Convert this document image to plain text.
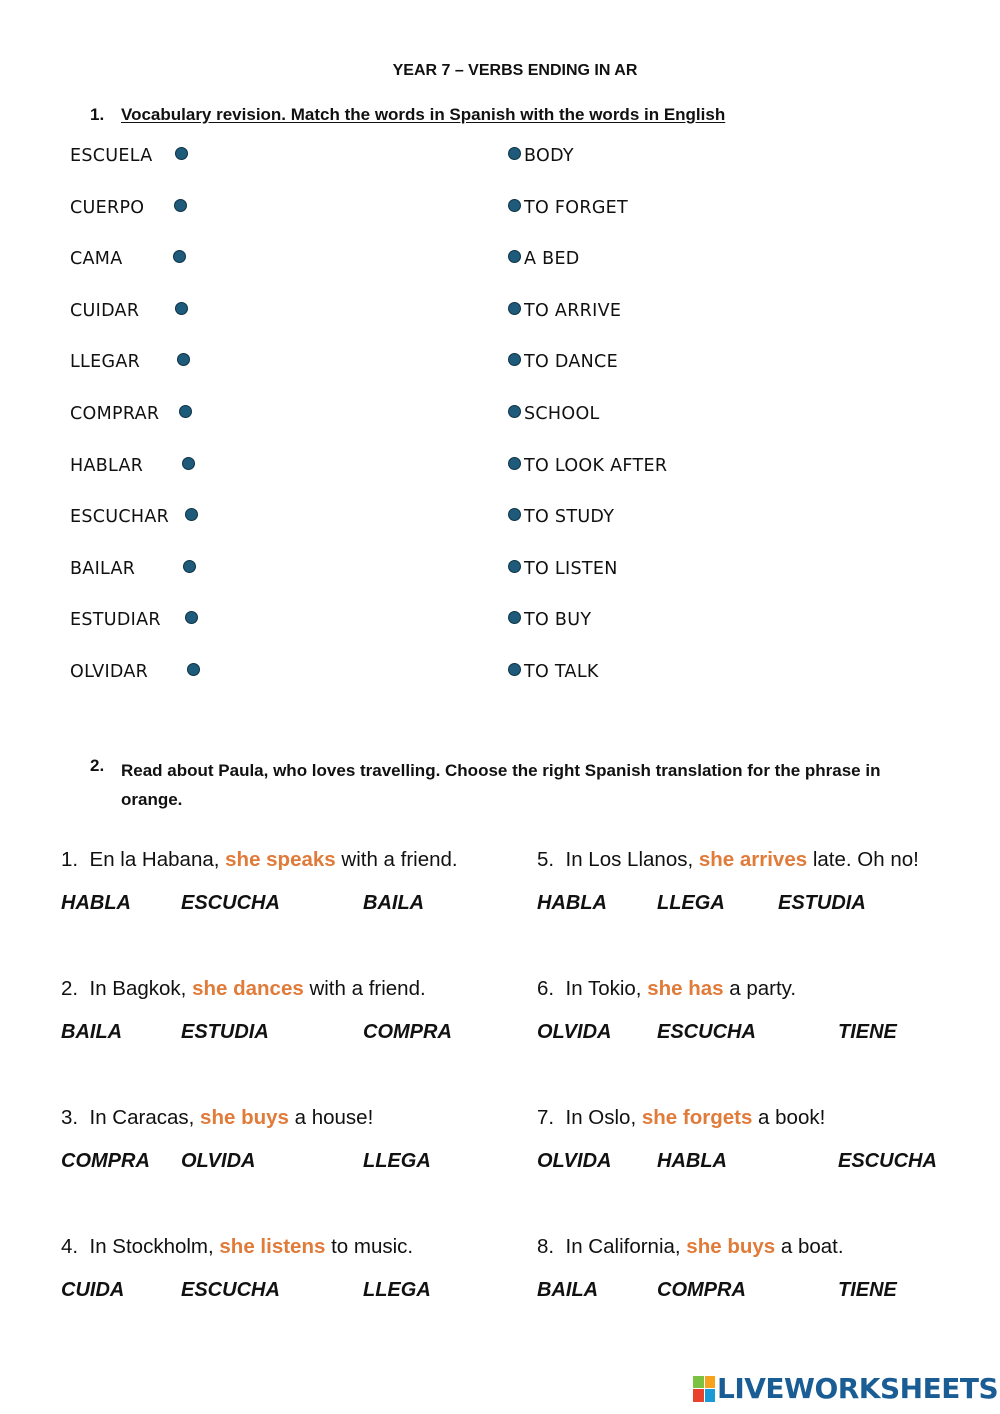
YEAR 7 – VERBS ENDING IN AR
1. Vocabulary revision. Match the words in Spanish with the words in English
ESCUELA	BODY
CUERPO	TO FORGET
CAMA	A BED
CUIDAR	TO ARRIVE
LLEGAR	TO DANCE
COMPRAR	SCHOOL
HABLAR	TO LOOK AFTER
ESCUCHAR	TO STUDY
BAILAR	TO LISTEN
ESTUDIAR	TO BUY
OLVIDAR	TO TALK
2. Read about Paula, who loves travelling. Choose the right Spanish translation for the phrase in orange.
1. En la Habana, she speaks with a friend.
HABLA	ESCUCHA	BAILA
2. In Bagkok, she dances with a friend.
BAILA	ESTUDIA	COMPRA
3. In Caracas, she buys a house!
COMPRA OLVIDA	LLEGA
4. In Stockholm, she listens to music.
CUIDA	ESCUCHA	LLEGA
5. In Los Llanos, she arrives late. Oh no!
HABLA	LLEGA	ESTUDIA
6. In Tokio, she has a party.
OLVIDA ESCUCHA	TIENE
7. In Oslo, she forgets a book!
OLVIDA HABLA	ESCUCHA
8. In California, she buys a boat.
BAILA	COMPRA	TIENE
LIVEWORKSHEETS
